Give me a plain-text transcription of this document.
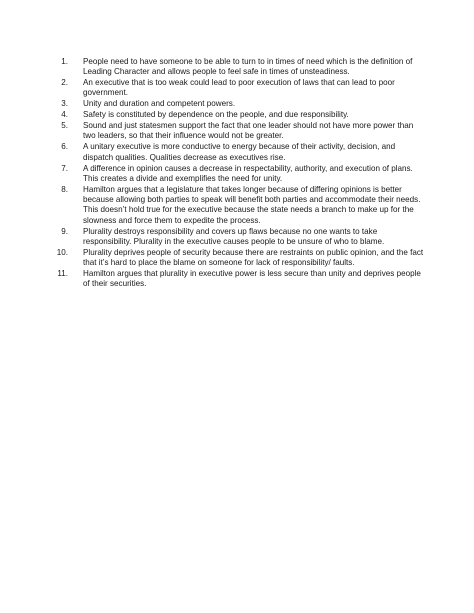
1. People need to have someone to be able to turn to in times of need which is the definition of Leading Character and allows people to feel safe in times of unsteadiness.
2. An executive that is too weak could lead to poor execution of laws that can lead to poor government.
3. Unity and duration and competent powers.
4. Safety is constituted by dependence on the people, and due responsibility.
5. Sound and just statesmen support the fact that one leader should not have more power than two leaders, so that their influence would not be greater.
6. A unitary executive is more conductive to energy because of their activity, decision, and dispatch qualities. Qualities decrease as executives rise.
7. A difference in opinion causes a decrease in respectability, authority, and execution of plans. This creates a divide and exemplifies the need for unity.
8. Hamilton argues that a legislature that takes longer because of differing opinions is better because allowing both parties to speak will benefit both parties and accommodate their needs. This doesn’t hold true for the executive because the state needs a branch to make up for the slowness and force them to expedite the process.
9. Plurality destroys responsibility and covers up flaws because no one wants to take responsibility. Plurality in the executive causes people to be unsure of who to blame.
10. Plurality deprives people of security because there are restraints on public opinion, and the fact that it’s hard to place the blame on someone for lack of responsibility/ faults.
11. Hamilton argues that plurality in executive power is less secure than unity and deprives people of their securities.
